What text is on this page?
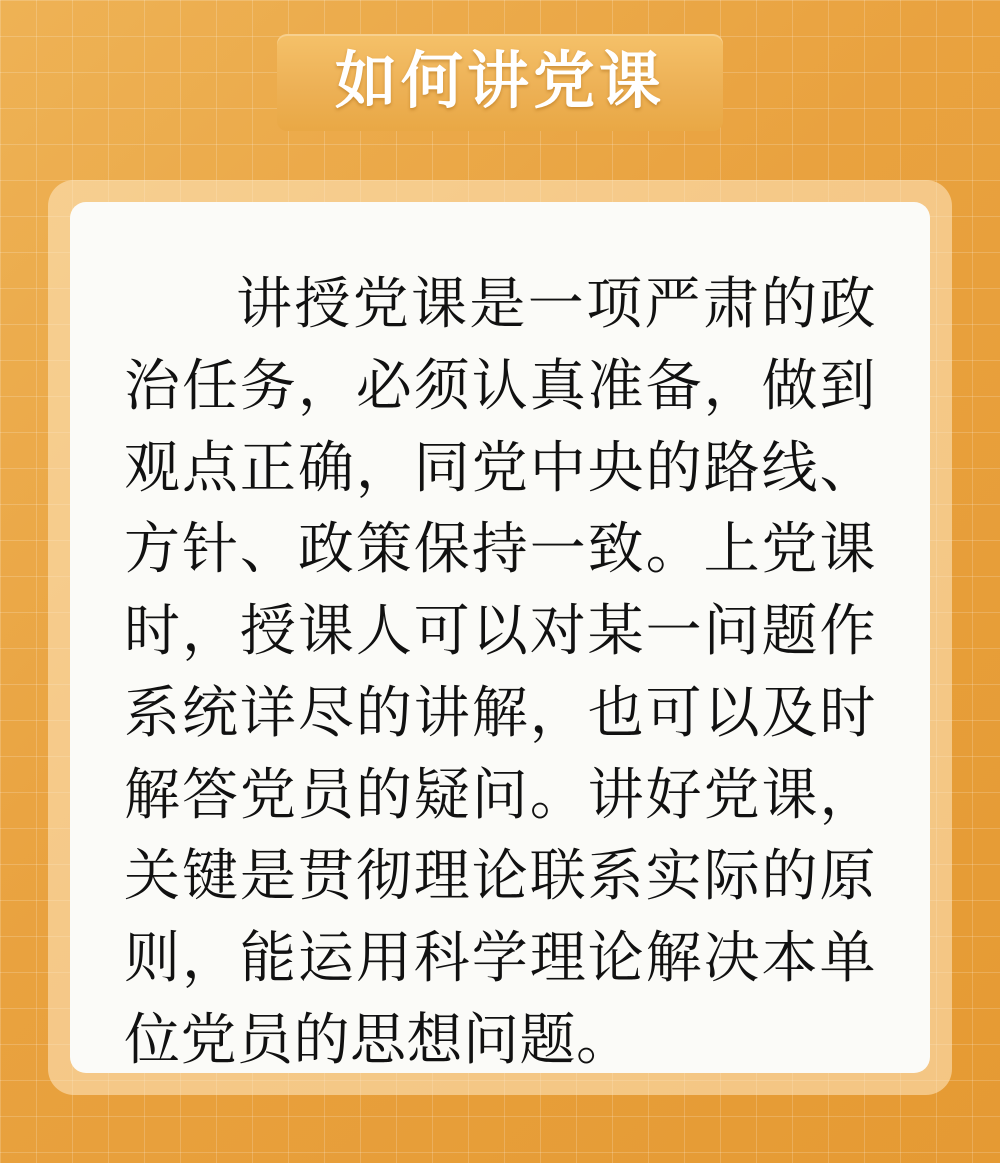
如何讲党课

讲授党课是一项严肃的政治任务，必须认真准备，做到观点正确，同党中央的路线、方针、政策保持一致。上党课时，授课人可以对某一问题作系统详尽的讲解，也可以及时解答党员的疑问。讲好党课，关键是贯彻理论联系实际的原则，能运用科学理论解决本单位党员的思想问题。
